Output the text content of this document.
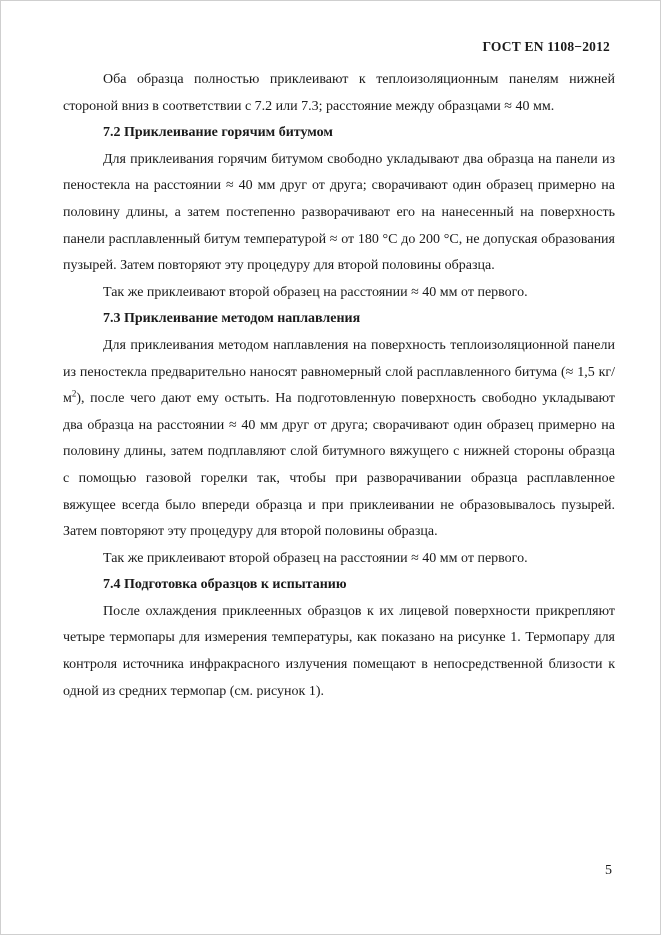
ГОСТ EN 1108−2012

Оба образца полностью приклеивают к теплоизоляционным панелям нижней стороной вниз в соответствии с 7.2 или 7.3; расстояние между образцами ≈ 40 мм.

7.2 Приклеивание горячим битумом

Для приклеивания горячим битумом свободно укладывают два образца на панели из пеностекла на расстоянии ≈ 40 мм друг от друга; сворачивают один образец примерно на половину длины, а затем постепенно разворачивают его на нанесенный на поверхность панели расплавленный битум температурой ≈ от 180 °С до 200 °С, не допуская образования пузырей. Затем повторяют эту процедуру для второй половины образца.

Так же приклеивают второй образец на расстоянии ≈ 40 мм от первого.

7.3 Приклеивание методом наплавления

Для приклеивания методом наплавления на поверхность теплоизоляционной панели из пеностекла предварительно наносят равномерный слой расплавленного битума (≈ 1,5 $кг/м^2$), после чего дают ему остыть. На подготовленную поверхность свободно укладывают два образца на расстоянии ≈ 40 мм друг от друга; сворачивают один образец примерно на половину длины, затем подплавляют слой битумного вяжущего с нижней стороны образца с помощью газовой горелки так, чтобы при разворачивании образца расплавленное вяжущее всегда было впереди образца и при приклеивании не образовывалось пузырей. Затем повторяют эту процедуру для второй половины образца.

Так же приклеивают второй образец на расстоянии ≈ 40 мм от первого.

7.4 Подготовка образцов к испытанию

После охлаждения приклеенных образцов к их лицевой поверхности прикрепляют четыре термопары для измерения температуры, как показано на рисунке 1. Термопару для контроля источника инфракрасного излучения помещают в непосредственной близости к одной из средних термопар (см. рисунок 1).

5
